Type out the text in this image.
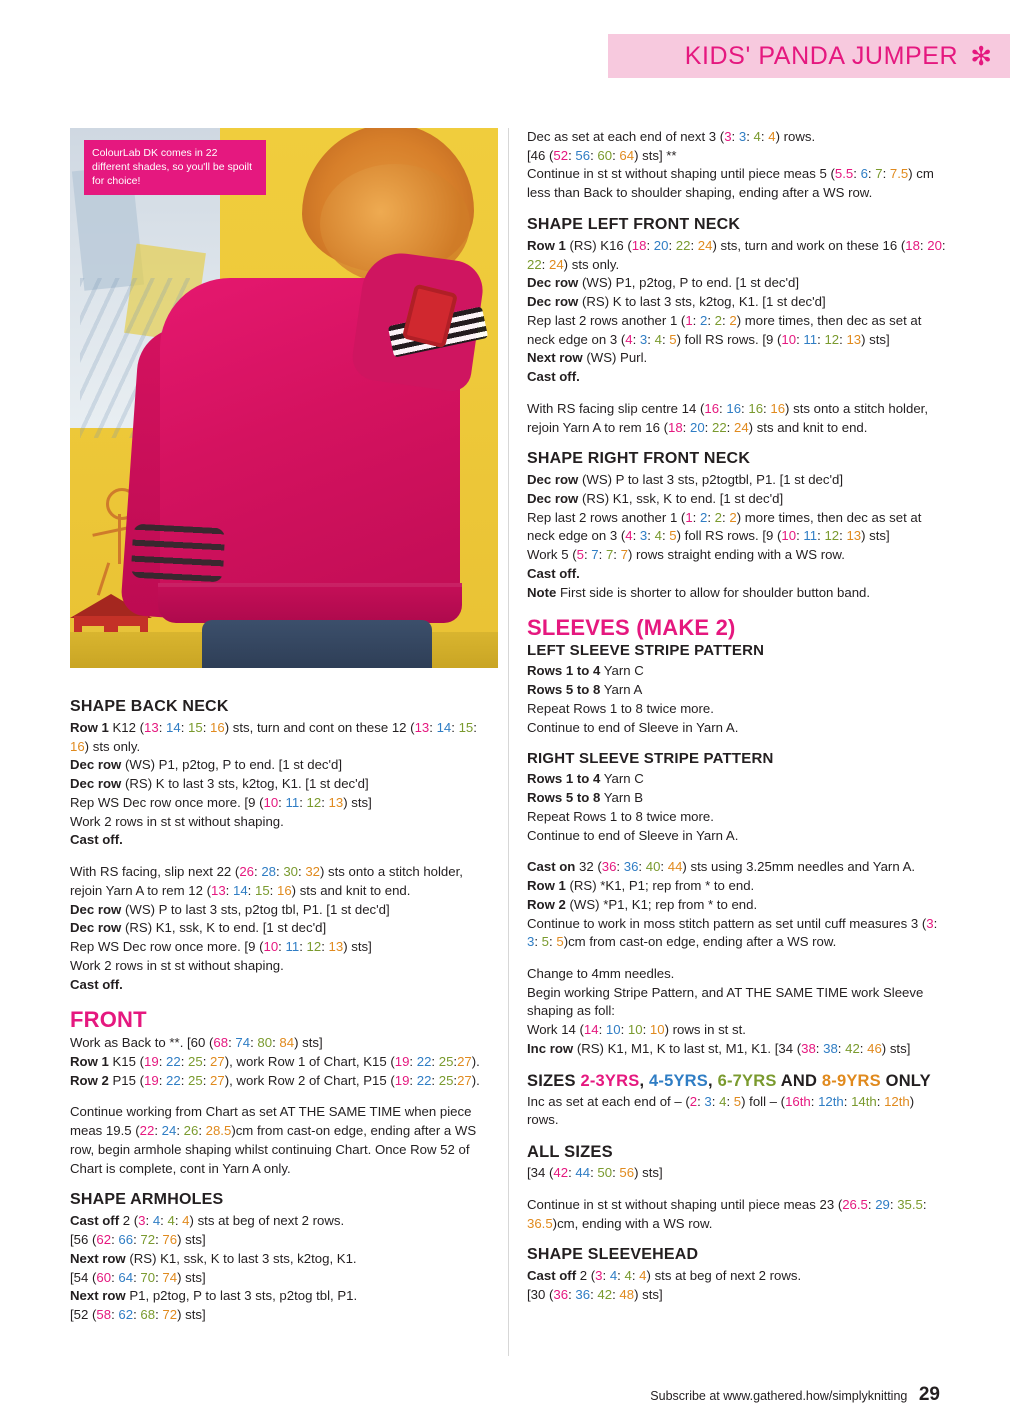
KIDS' PANDA JUMPER ✻
ColourLab DK comes in 22 different shades, so you'll be spoilt for choice!
SHAPE BACK NECK

Row 1 K12 (13: 14: 15: 16) sts, turn and cont on these 12 (13: 14: 15: 16) sts only.

Dec row (WS) P1, p2tog, P to end. [1 st dec'd]

Dec row (RS) K to last 3 sts, k2tog, K1. [1 st dec'd]

Rep WS Dec row once more. [9 (10: 11: 12: 13) sts]

Work 2 rows in st st without shaping.

Cast off.

With RS facing, slip next 22 (26: 28: 30: 32) sts onto a stitch holder, rejoin Yarn A to rem 12 (13: 14: 15: 16) sts and knit to end.

Dec row (WS) P to last 3 sts, p2tog tbl, P1. [1 st dec'd]

Dec row (RS) K1, ssk, K to end. [1 st dec'd]

Rep WS Dec row once more. [9 (10: 11: 12: 13) sts]

Work 2 rows in st st without shaping.

Cast off.

FRONT

Work as Back to **. [60 (68: 74: 80: 84) sts]

Row 1 K15 (19: 22: 25: 27), work Row 1 of Chart, K15 (19: 22: 25:27).

Row 2 P15 (19: 22: 25: 27), work Row 2 of Chart, P15 (19: 22: 25:27).

Continue working from Chart as set AT THE SAME TIME when piece meas 19.5 (22: 24: 26: 28.5)cm from cast-on edge, ending after a WS row, begin armhole shaping whilst continuing Chart. Once Row 52 of Chart is complete, cont in Yarn A only.

SHAPE ARMHOLES

Cast off 2 (3: 4: 4: 4) sts at beg of next 2 rows.

[56 (62: 66: 72: 76) sts]

Next row (RS) K1, ssk, K to last 3 sts, k2tog, K1.

[54 (60: 64: 70: 74) sts]

Next row P1, p2tog, P to last 3 sts, p2tog tbl, P1.

[52 (58: 62: 68: 72) sts]

Dec as set at each end of next 3 (3: 3: 4: 4) rows.

[46 (52: 56: 60: 64) sts] **

Continue in st st without shaping until piece meas 5 (5.5: 6: 7: 7.5) cm less than Back to shoulder shaping, ending after a WS row.

SHAPE LEFT FRONT NECK

Row 1 (RS) K16 (18: 20: 22: 24) sts, turn and work on these 16 (18: 20: 22: 24) sts only.

Dec row (WS) P1, p2tog, P to end. [1 st dec'd]

Dec row (RS) K to last 3 sts, k2tog, K1. [1 st dec'd]

Rep last 2 rows another 1 (1: 2: 2: 2) more times, then dec as set at neck edge on 3 (4: 3: 4: 5) foll RS rows. [9 (10: 11: 12: 13) sts]

Next row (WS) Purl.

Cast off.

With RS facing slip centre 14 (16: 16: 16: 16) sts onto a stitch holder, rejoin Yarn A to rem 16 (18: 20: 22: 24) sts and knit to end.

SHAPE RIGHT FRONT NECK

Dec row (WS) P to last 3 sts, p2togtbl, P1. [1 st dec'd]

Dec row (RS) K1, ssk, K to end. [1 st dec'd]

Rep last 2 rows another 1 (1: 2: 2: 2) more times, then dec as set at neck edge on 3 (4: 3: 4: 5) foll RS rows. [9 (10: 11: 12: 13) sts]

Work 5 (5: 7: 7: 7) rows straight ending with a WS row.

Cast off.

Note First side is shorter to allow for shoulder button band.

SLEEVES (MAKE 2)
LEFT SLEEVE STRIPE PATTERN

Rows 1 to 4 Yarn C

Rows 5 to 8 Yarn A

Repeat Rows 1 to 8 twice more.

Continue to end of Sleeve in Yarn A.

RIGHT SLEEVE STRIPE PATTERN

Rows 1 to 4 Yarn C

Rows 5 to 8 Yarn B

Repeat Rows 1 to 8 twice more.

Continue to end of Sleeve in Yarn A.

Cast on 32 (36: 36: 40: 44) sts using 3.25mm needles and Yarn A.

Row 1 (RS) *K1, P1; rep from * to end.

Row 2 (WS) *P1, K1; rep from * to end.

Continue to work in moss stitch pattern as set until cuff measures 3 (3: 3: 5: 5)cm from cast-on edge, ending after a WS row.

Change to 4mm needles.

Begin working Stripe Pattern, and AT THE SAME TIME work Sleeve shaping as foll:

Work 14 (14: 10: 10: 10) rows in st st.

Inc row (RS) K1, M1, K to last st, M1, K1. [34 (38: 38: 42: 46) sts]

SIZES 2-3YRS, 4-5YRS, 6-7YRS AND 8-9YRS ONLY

Inc as set at each end of – (2: 3: 4: 5) foll – (16th: 12th: 14th: 12th) rows.

ALL SIZES

[34 (42: 44: 50: 56) sts]

Continue in st st without shaping until piece meas 23 (26.5: 29: 35.5: 36.5)cm, ending with a WS row.

SHAPE SLEEVEHEAD

Cast off 2 (3: 4: 4: 4) sts at beg of next 2 rows.

[30 (36: 36: 42: 48) sts]

Subscribe at www.gathered.how/simplyknitting 29
